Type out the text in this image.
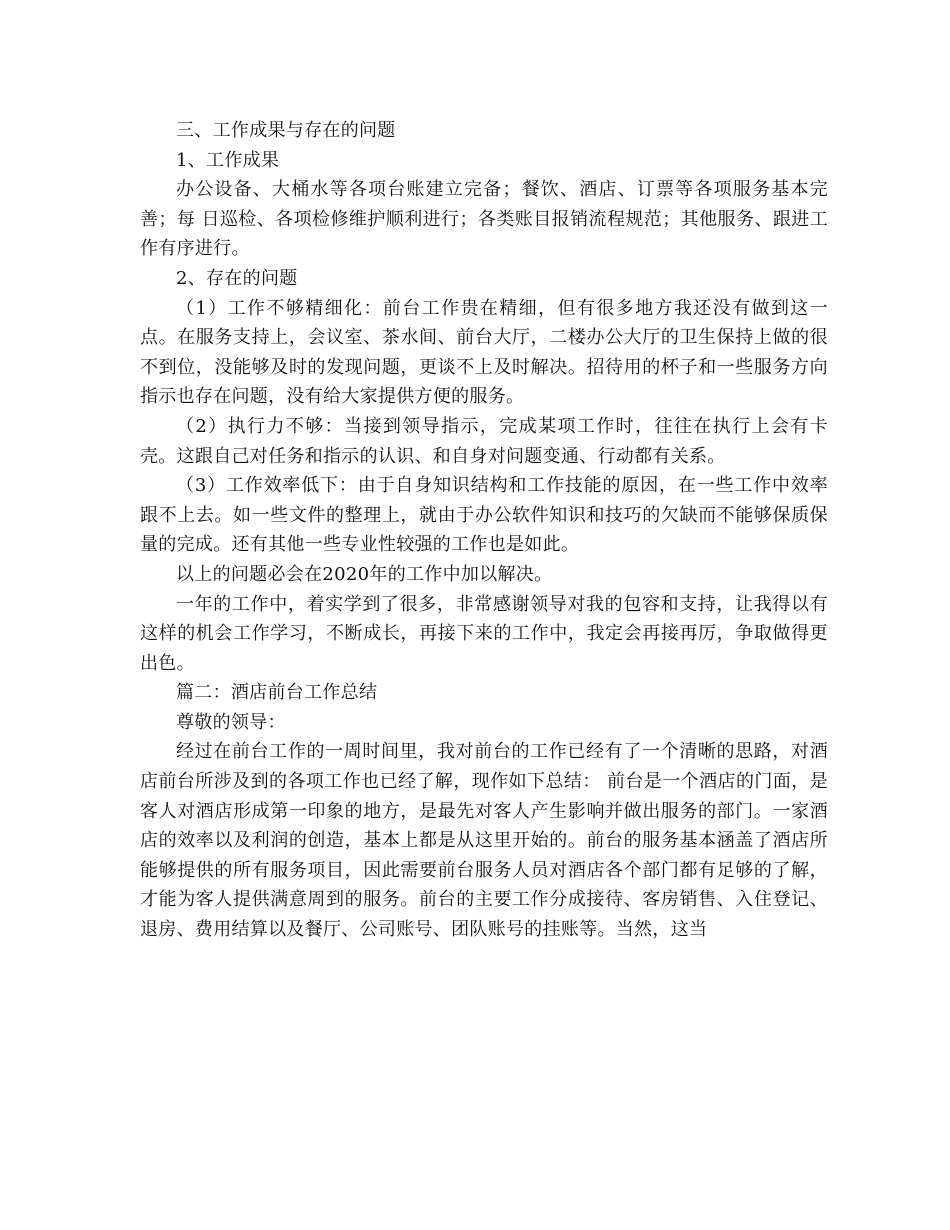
三、工作成果与存在的问题

1、工作成果

办公设备、大桶水等各项台账建立完备；餐饮、酒店、订票等各项服务基本完善；每 日巡检、各项检修维护顺利进行；各类账目报销流程规范；其他服务、跟进工作有序进行。

2、存在的问题

（1）工作不够精细化：前台工作贵在精细，但有很多地方我还没有做到这一点。在服务支持上，会议室、茶水间、前台大厅，二楼办公大厅的卫生保持上做的很不到位，没能够及时的发现问题，更谈不上及时解决。招待用的杯子和一些服务方向指示也存在问题，没有给大家提供方便的服务。

（2）执行力不够：当接到领导指示，完成某项工作时，往往在执行上会有卡壳。这跟自己对任务和指示的认识、和自身对问题变通、行动都有关系。

（3）工作效率低下：由于自身知识结构和工作技能的原因，在一些工作中效率跟不上去。如一些文件的整理上，就由于办公软件知识和技巧的欠缺而不能够保质保量的完成。还有其他一些专业性较强的工作也是如此。

以上的问题必会在2020年的工作中加以解决。

一年的工作中，着实学到了很多，非常感谢领导对我的包容和支持，让我得以有这样的机会工作学习，不断成长，再接下来的工作中，我定会再接再厉，争取做得更出色。

篇二：酒店前台工作总结

尊敬的领导：

经过在前台工作的一周时间里，我对前台的工作已经有了一个清晰的思路，对酒店前台所涉及到的各项工作也已经了解，现作如下总结： 前台是一个酒店的门面，是客人对酒店形成第一印象的地方，是最先对客人产生影响并做出服务的部门。一家酒店的效率以及利润的创造，基本上都是从这里开始的。前台的服务基本涵盖了酒店所能够提供的所有服务项目，因此需要前台服务人员对酒店各个部门都有足够的了解，才能为客人提供满意周到的服务。前台的主要工作分成接待、客房销售、入住登记、退房、费用结算以及餐厅、公司账号、团队账号的挂账等。当然，这当
